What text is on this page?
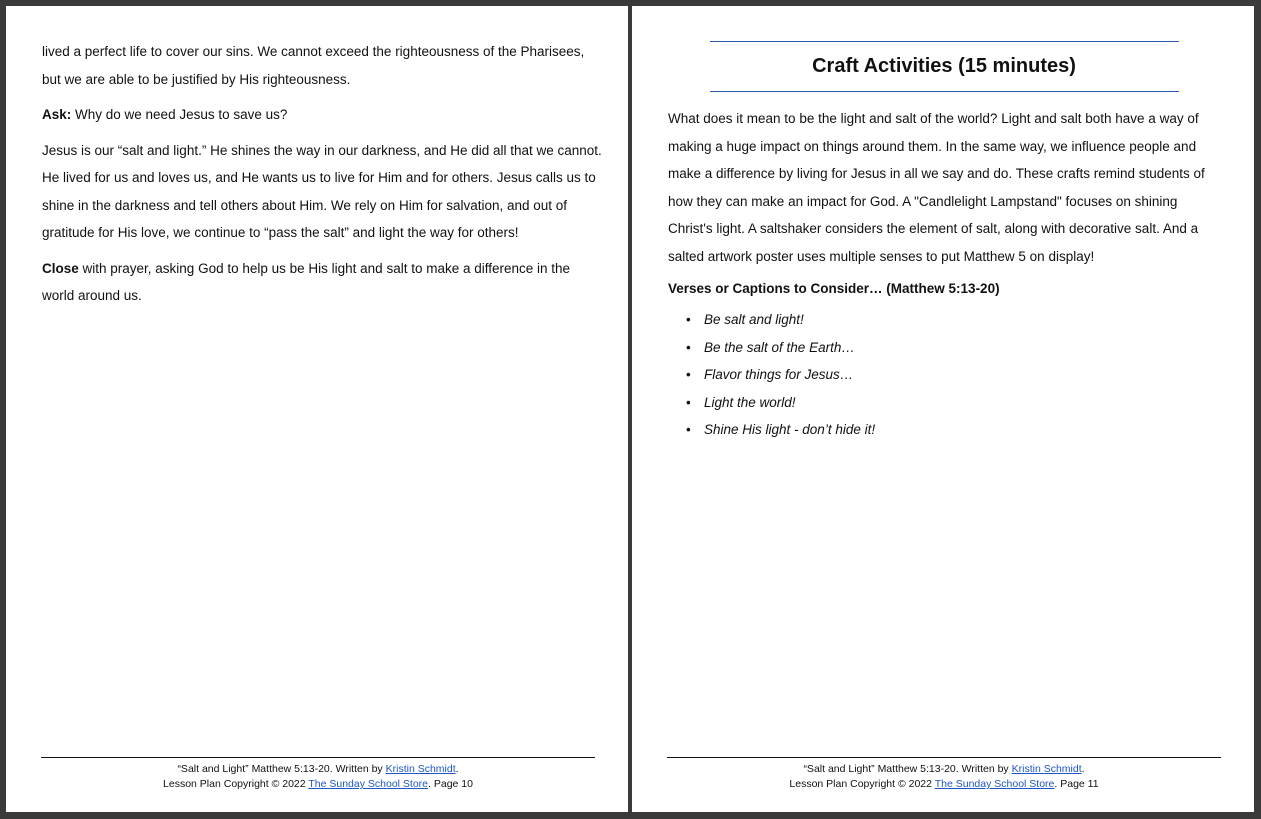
lived a perfect life to cover our sins. We cannot exceed the righteousness of the Pharisees, but we are able to be justified by His righteousness.

Ask: Why do we need Jesus to save us?

Jesus is our “salt and light.” He shines the way in our darkness, and He did all that we cannot. He lived for us and loves us, and He wants us to live for Him and for others. Jesus calls us to shine in the darkness and tell others about Him. We rely on Him for salvation, and out of gratitude for His love, we continue to “pass the salt” and light the way for others!

Close with prayer, asking God to help us be His light and salt to make a difference in the world around us.

“Salt and Light” Matthew 5:13-20. Written by Kristin Schmidt.
Lesson Plan Copyright © 2022 The Sunday School Store. Page 10
Craft Activities (15 minutes)

What does it mean to be the light and salt of the world? Light and salt both have a way of making a huge impact on things around them. In the same way, we influence people and make a difference by living for Jesus in all we say and do. These crafts remind students of how they can make an impact for God. A "Candlelight Lampstand" focuses on shining Christ's light. A saltshaker considers the element of salt, along with decorative salt. And a salted artwork poster uses multiple senses to put Matthew 5 on display!

Verses or Captions to Consider… (Matthew 5:13-20)

• Be salt and light!
• Be the salt of the Earth…
• Flavor things for Jesus…
• Light the world!
• Shine His light - don’t hide it!
“Salt and Light” Matthew 5:13-20. Written by Kristin Schmidt.
Lesson Plan Copyright © 2022 The Sunday School Store. Page 11
